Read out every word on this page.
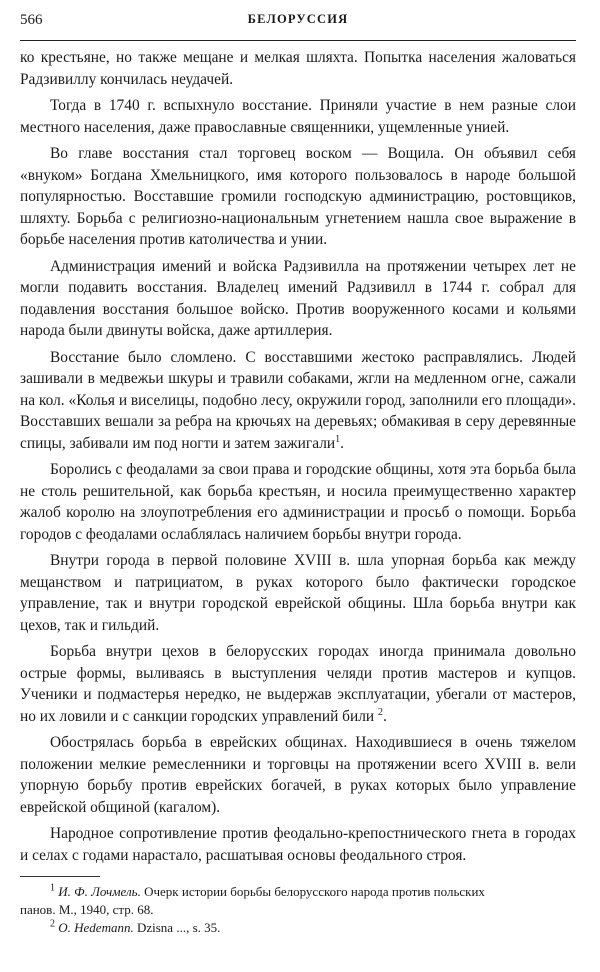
566	БЕЛОРУССИЯ

ко крестьяне, но также мещане и мелкая шляхта. Попытка населения жаловаться Радзивиллу кончилась неудачей.

Тогда в 1740 г. вспыхнуло восстание. Приняли участие в нем разные слои местного населения, даже православные священники, ущемленные унией.

Во главе восстания стал торговец воском — Вощила. Он объявил себя «внуком» Богдана Хмельницкого, имя которого пользовалось в народе большой популярностью. Восставшие громили господскую администрацию, ростовщиков, шляхту. Борьба с религиозно-национальным угнетением нашла свое выражение в борьбе населения против католичества и унии.

Администрация имений и войска Радзивилла на протяжении четырех лет не могли подавить восстания. Владелец имений Радзивилл в 1744 г. собрал для подавления восстания большое войско. Против вооруженного косами и кольями народа были двинуты войска, даже артиллерия.

Восстание было сломлено. С восставшими жестоко расправлялись. Людей зашивали в медвежьи шкуры и травили собаками, жгли на медленном огне, сажали на кол. «Колья и виселицы, подобно лесу, окружили город, заполнили его площади». Восставших вешали за ребра на крючьях на деревьях; обмакивая в серу деревянные спицы, забивали им под ногти и затем зажигали$^1$.

Боролись с феодалами за свои права и городские общины, хотя эта борьба была не столь решительной, как борьба крестьян, и носила преимущественно характер жалоб королю на злоупотребления его администрации и просьб о помощи. Борьба городов с феодалами ослаблялась наличием борьбы внутри города.

Внутри города в первой половине XVIII в. шла упорная борьба как между мещанством и патрициатом, в руках которого было фактически городское управление, так и внутри городской еврейской общины. Шла борьба внутри как цехов, так и гильдий.

Борьба внутри цехов в белорусских городах иногда принимала довольно острые формы, выливаясь в выступления челяди против мастеров и купцов. Ученики и подмастерья нередко, не выдержав эксплуатации, убегали от мастеров, но их ловили и с санкции городских управлений били $^2$.

Обострялась борьба в еврейских общинах. Находившиеся в очень тяжелом положении мелкие ремесленники и торговцы на протяжении всего XVIII в. вели упорную борьбу против еврейских богачей, в руках которых было управление еврейской общиной (кагалом).

Народное сопротивление против феодально-крепостнического гнета в городах и селах с годами нарастало, расшатывая основы феодального строя.

$^1$ И. Ф. Лочмель. Очерк истории борьбы белорусского народа против польских

панов. М., 1940, стр. 68.

$^2$ O. Hedemann. Dzisna ..., s. 35.
